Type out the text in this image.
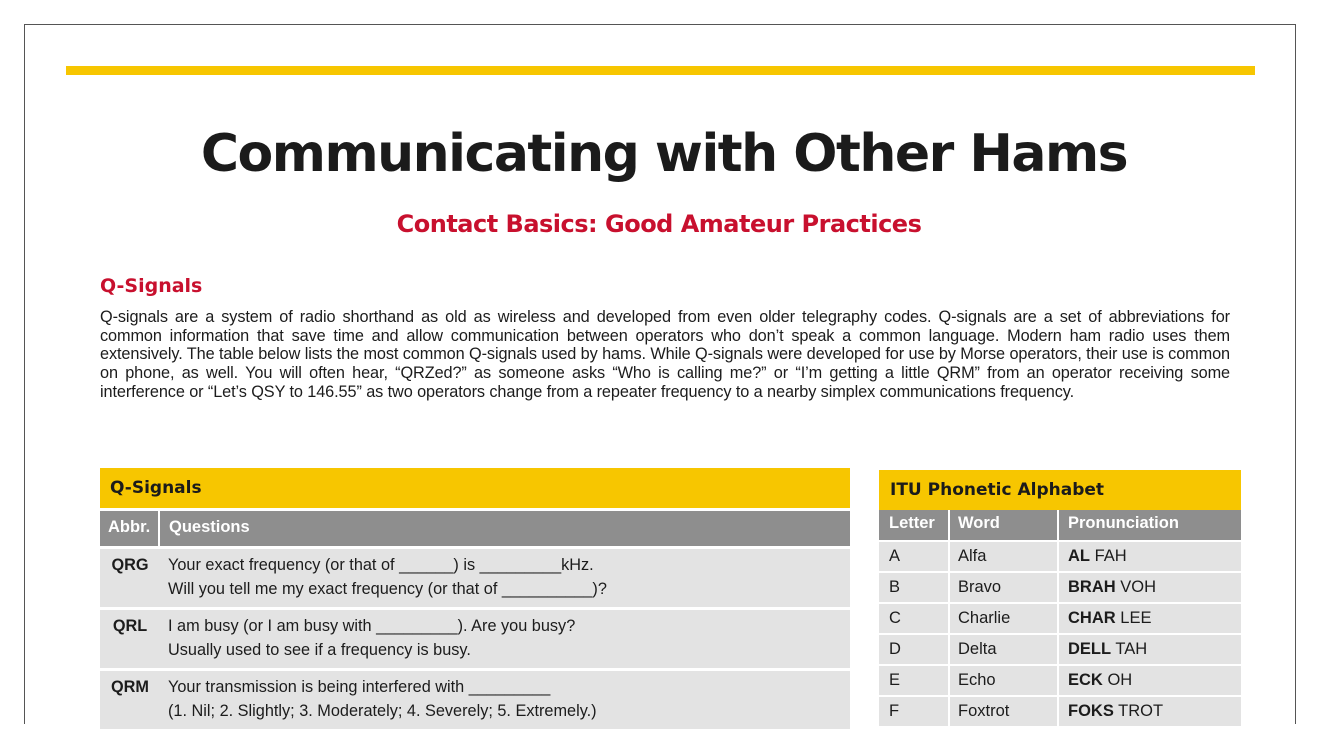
Communicating with Other Hams
Contact Basics: Good Amateur Practices
Q-Signals

Q-signals are a system of radio shorthand as old as wireless and developed from even older telegraphy codes. Q-signals are a set of abbreviations for common information that save time and allow communication between operators who don’t speak a common language. Modern ham radio uses them extensively. The table below lists the most common Q-signals used by hams. While Q-signals were developed for use by Morse operators, their use is common on phone, as well. You will often hear, “QRZed?” as someone asks “Who is calling me?” or “I’m getting a little QRM” from an operator receiving some interference or “Let’s QSY to 146.55” as two operators change from a repeater frequency to a nearby simplex communications frequency.

Q-Signals
Abbr.	Questions
QRG	Your exact frequency (or that of ______) is _________kHz.
Will you tell me my exact frequency (or that of __________)?
QRL	I am busy (or I am busy with _________). Are you busy?
Usually used to see if a frequency is busy.
QRM	Your transmission is being interfered with _________
(1. Nil; 2. Slightly; 3. Moderately; 4. Severely; 5. Extremely.)
ITU Phonetic Alphabet
Letter	Word	Pronunciation
A	Alfa	AL FAH
B	Bravo	BRAH VOH
C	Charlie	CHAR LEE
D	Delta	DELL TAH
E	Echo	ECK OH
F	Foxtrot	FOKS TROT
